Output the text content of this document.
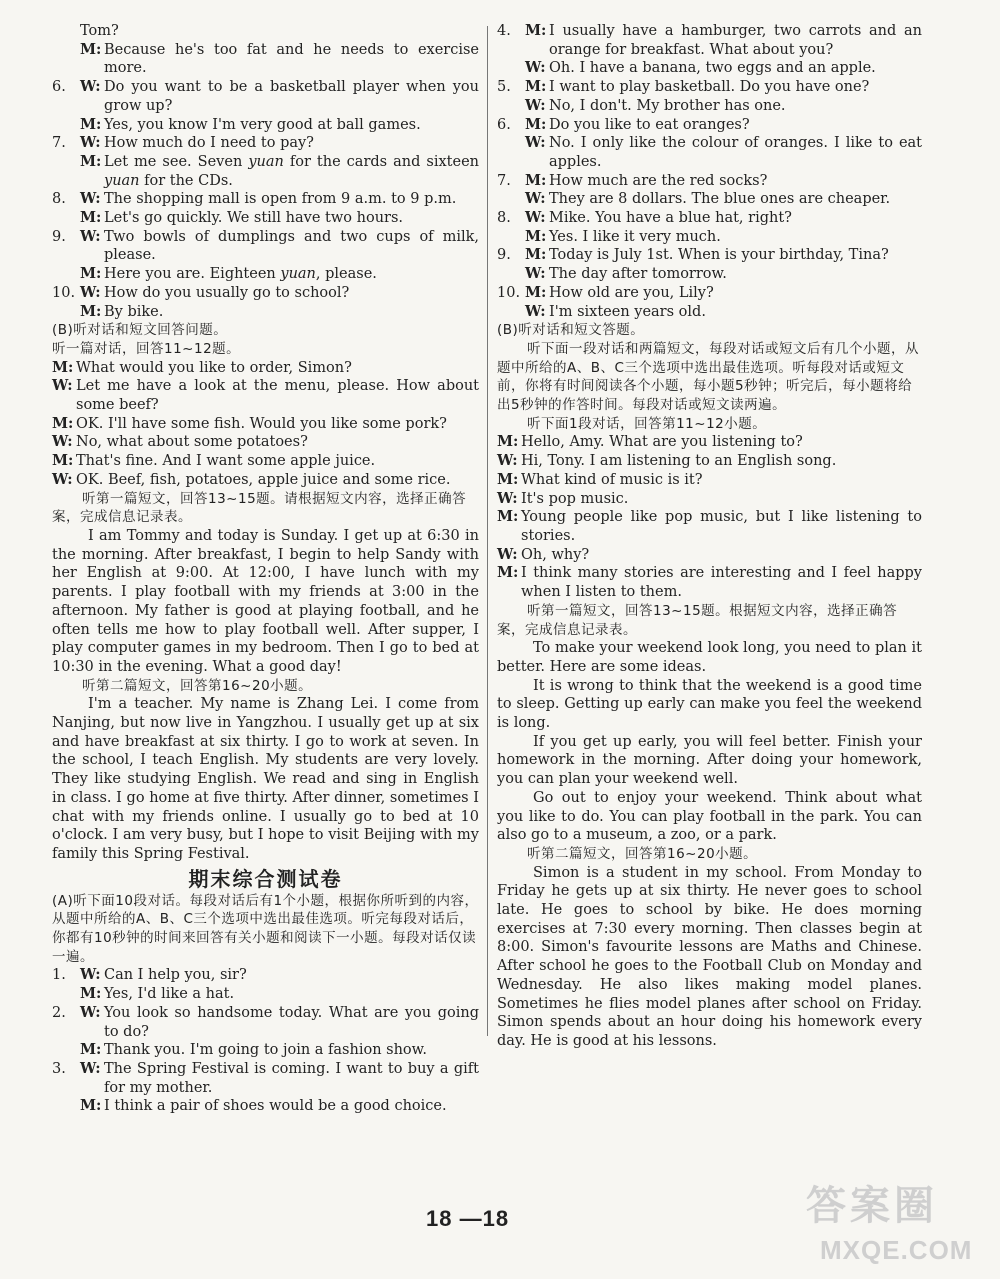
Tom?
M: Because he's too fat and he needs to exercise more.
6. W: Do you want to be a basketball player when you grow up?
M: Yes, you know I'm very good at ball games.
7. W: How much do I need to pay?
M: Let me see. Seven yuan for the cards and sixteen yuan for the CDs.
8. W: The shopping mall is open from 9 a.m. to 9 p.m.
M: Let's go quickly. We still have two hours.
9. W: Two bowls of dumplings and two cups of milk, please.
M: Here you are. Eighteen yuan, please.
10. W: How do you usually go to school?
M: By bike.

(B)听对话和短文回答问题。

听一篇对话，回答11~12题。

M: What would you like to order, Simon?
W: Let me have a look at the menu, please. How about some beef?
M: OK. I'll have some fish. Would you like some pork?
W: No, what about some potatoes?
M: That's fine. And I want some apple juice.
W: OK. Beef, fish, potatoes, apple juice and some rice.

听第一篇短文，回答13~15题。请根据短文内容，选择正确答案，完成信息记录表。

I am Tommy and today is Sunday. I get up at 6:30 in the morning. After breakfast, I begin to help Sandy with her English at 9:00. At 12:00, I have lunch with my parents. I play football with my friends at 3:00 in the afternoon. My father is good at playing football, and he often tells me how to play football well. After supper, I play computer games in my bedroom. Then I go to bed at 10:30 in the evening. What a good day!

听第二篇短文，回答第16~20小题。

I'm a teacher. My name is Zhang Lei. I come from Nanjing, but now live in Yangzhou. I usually get up at six and have breakfast at six thirty. I go to work at seven. In the school, I teach English. My students are very lovely. They like studying English. We read and sing in English in class. I go home at five thirty. After dinner, sometimes I chat with my friends online. I usually go to bed at 10 o'clock. I am very busy, but I hope to visit Beijing with my family this Spring Festival.

期末综合测试卷

(A)听下面10段对话。每段对话后有1个小题，根据你所听到的内容，从题中所给的A、B、C三个选项中选出最佳选项。听完每段对话后，你都有10秒钟的时间来回答有关小题和阅读下一小题。每段对话仅读一遍。

1. W: Can I help you, sir?
M: Yes, I'd like a hat.
2. W: You look so handsome today. What are you going to do?
M: Thank you. I'm going to join a fashion show.
3. W: The Spring Festival is coming. I want to buy a gift for my mother.
M: I think a pair of shoes would be a good choice.
4. M: I usually have a hamburger, two carrots and an orange for breakfast. What about you?
W: Oh. I have a banana, two eggs and an apple.
5. M: I want to play basketball. Do you have one?
W: No, I don't. My brother has one.
6. M: Do you like to eat oranges?
W: No. I only like the colour of oranges. I like to eat apples.
7. M: How much are the red socks?
W: They are 8 dollars. The blue ones are cheaper.
8. W: Mike. You have a blue hat, right?
M: Yes. I like it very much.
9. M: Today is July 1st. When is your birthday, Tina?
W: The day after tomorrow.
10. M: How old are you, Lily?
W: I'm sixteen years old.

(B)听对话和短文答题。

听下面一段对话和两篇短文，每段对话或短文后有几个小题，从题中所给的A、B、C三个选项中选出最佳选项。听每段对话或短文前，你将有时间阅读各个小题，每小题5秒钟；听完后，每小题将给出5秒钟的作答时间。每段对话或短文读两遍。

听下面1段对话，回答第11~12小题。

M: Hello, Amy. What are you listening to?
W: Hi, Tony. I am listening to an English song.
M: What kind of music is it?
W: It's pop music.
M: Young people like pop music, but I like listening to stories.
W: Oh, why?
M: I think many stories are interesting and I feel happy when I listen to them.

听第一篇短文，回答13~15题。根据短文内容，选择正确答案，完成信息记录表。

To make your weekend look long, you need to plan it better. Here are some ideas.

It is wrong to think that the weekend is a good time to sleep. Getting up early can make you feel the weekend is long.

If you get up early, you will feel better. Finish your homework in the morning. After doing your homework, you can plan your weekend well.

Go out to enjoy your weekend. Think about what you like to do. You can play football in the park. You can also go to a museum, a zoo, or a park.

听第二篇短文，回答第16~20小题。

Simon is a student in my school. From Monday to Friday he gets up at six thirty. He never goes to school late. He goes to school by bike. He does morning exercises at 7:30 every morning. Then classes begin at 8:00. Simon's favourite lessons are Maths and Chinese. After school he goes to the Football Club on Monday and Wednesday. He also likes making model planes. Sometimes he flies model planes after school on Friday. Simon spends about an hour doing his homework every day. He is good at his lessons.

18 —18	答案圈
MXQE.COM
